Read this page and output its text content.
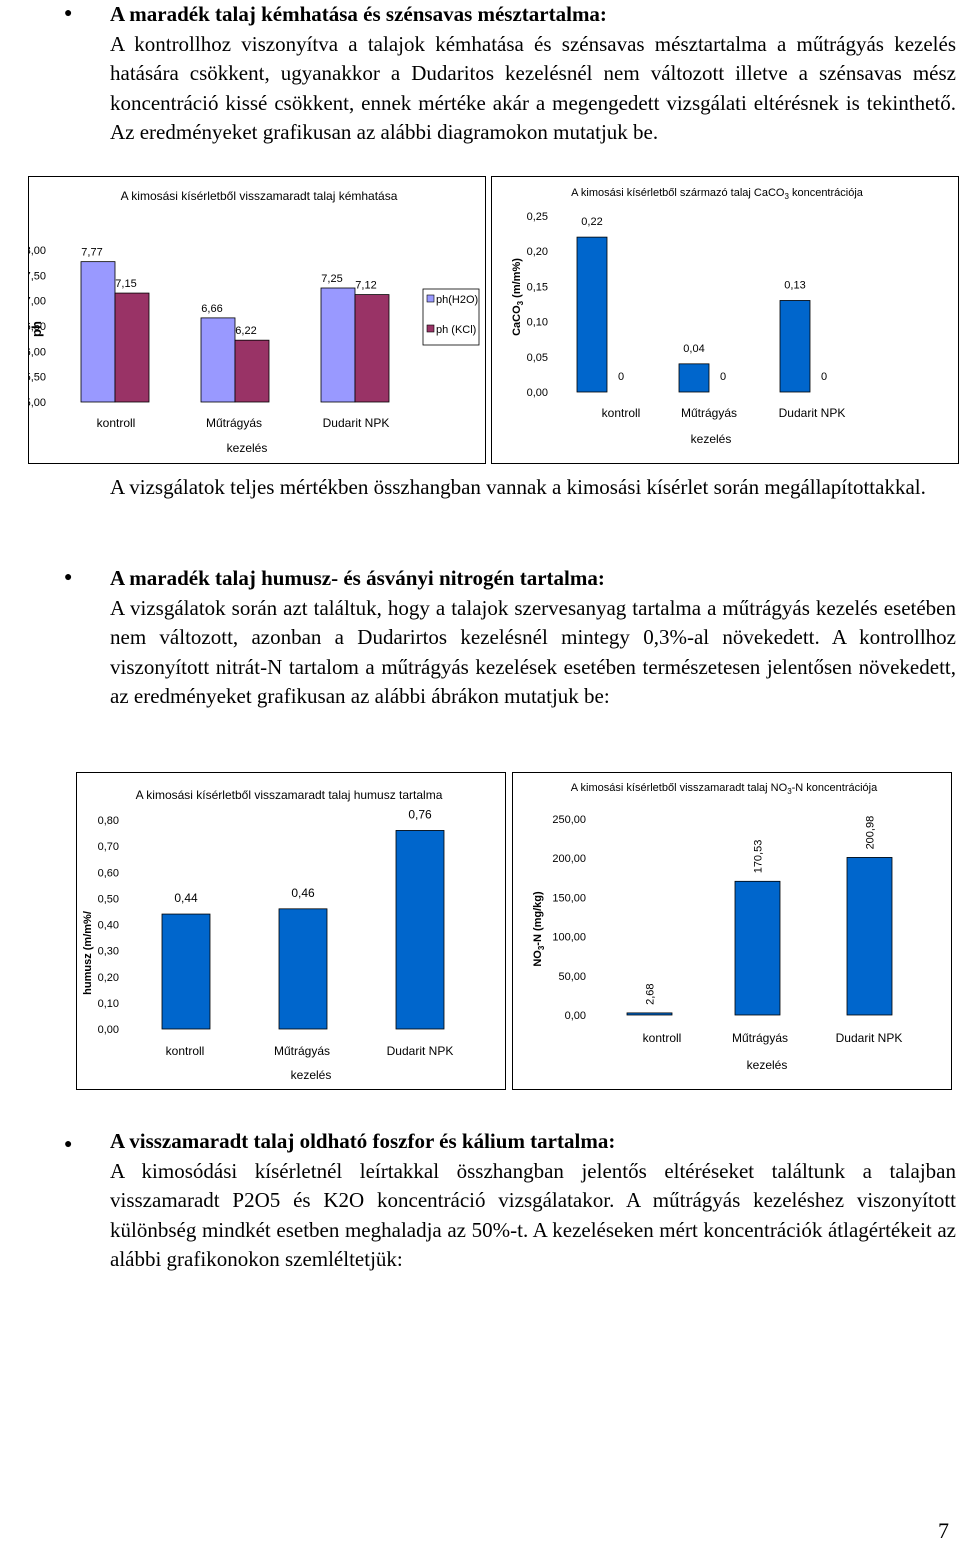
● A maradék talaj kémhatása és szénsavas mésztartalma:
A kontrollhoz viszonyítva a talajok kémhatása és szénsavas mésztartalma a műtrágyás kezelés hatására csökkent, ugyanakkor a Dudaritos kezelésnél nem változott illetve a szénsavas mész koncentráció kissé csökkent, ennek mértéke akár a megengedett vizsgálati eltérésnek is tekinthető. Az eredményeket grafikusan az alábbi diagramokon mutatjuk be.
A kimosási kísérletből visszamaradt talaj kémhatása
ph
,00
,50
,00
,50
,00
,50
,00
7,77
6,66
7,25
7,15
6,22
7,12
kontroll	Műtrágyás	Dudarit NPK
kezelés
ph(H2O)
ph (KCl)
A kimosási kísérletből származó talaj CaCO$_3$ koncentrációja
CaCO$_3$ (m/m%)
0,25
0,20
0,15
0,10
0,05
0,00
0,22
0,04
0,13
0	0	0
kontroll	Műtrágyás	Dudarit NPK
kezelés
A vizsgálatok teljes mértékben összhangban vannak a kimosási kísérlet során megállapítottakkal.
● A maradék talaj humusz- és ásványi nitrogén tartalma:
A vizsgálatok során azt találtuk, hogy a talajok szervesanyag tartalma a műtrágyás kezelés esetében nem változott, azonban a Dudarirtos kezelésnél mintegy 0,3%-al növekedett. A kontrollhoz viszonyított nitrát-N tartalom a műtrágyás kezelések esetében természetesen jelentősen növekedett, az eredményeket grafikusan az alábbi ábrákon mutatjuk be:
A kimosási kísérletből visszamaradt talaj humusz tartalma
humusz (m/m%/
0,80
0,70
0,60
0,50
0,40
0,30
0,20
0,10
0,00
0,44	0,46
0,76
kontroll	Műtrágyás	Dudarit NPK
kezelés
A kimosási kísérletből visszamaradt talaj $NO_3-N$ koncentrációja
$NO_3-N$ (mg/kg)
250,00
200,00
150,00
100,00
50,00
0,00
2,68
170,53
200,98
kontroll	Műtrágyás	Dudarit NPK
kezelés
● A visszamaradt talaj oldható foszfor és kálium tartalma:
A kimosódási kísérletnél leírtakkal összhangban jelentős eltéréseket találtunk a talajban visszamaradt P2O5 és K2O koncentráció vizsgálatakor. A műtrágyás kezeléshez viszonyított különbség mindkét esetben meghaladja az 50%-t. A kezeléseken mért koncentrációk átlagértékeit az alábbi grafikonokon szemléltetjük:
7
